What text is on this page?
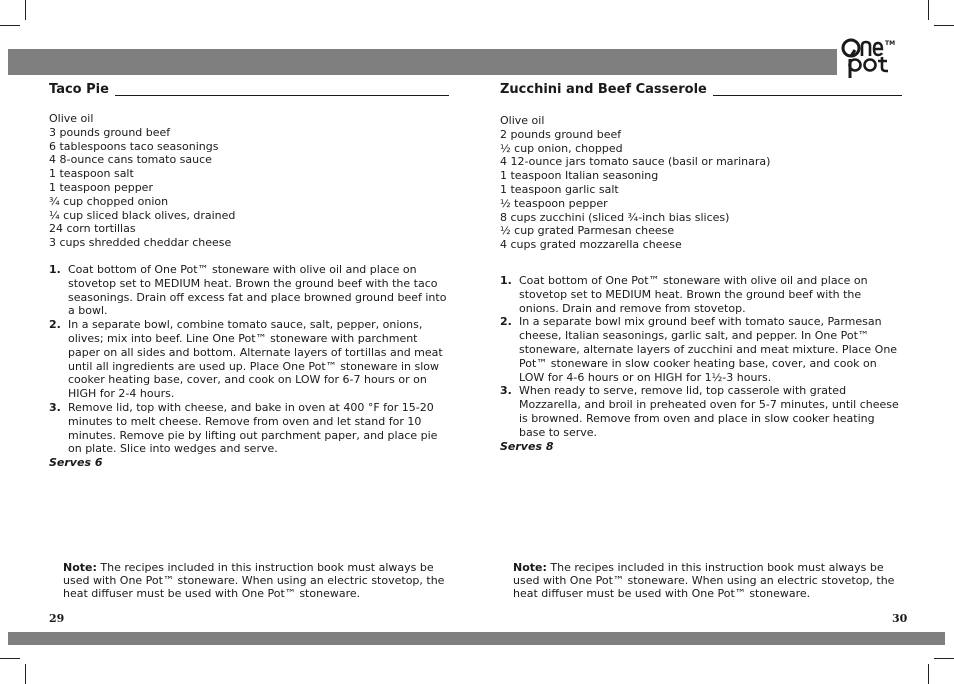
TM
Taco Pie
Olive oil
3 pounds ground beef
6 tablespoons taco seasonings
4 8-ounce cans tomato sauce
1 teaspoon salt
1 teaspoon pepper
¾ cup chopped onion
¼ cup sliced black olives, drained
24 corn tortillas
3 cups shredded cheddar cheese
1. Coat bottom of One Pot™ stoneware with olive oil and place on stovetop set to MEDIUM heat. Brown the ground beef with the taco seasonings. Drain off excess fat and place browned ground beef into a bowl.
2. In a separate bowl, combine tomato sauce, salt, pepper, onions, olives; mix into beef. Line One Pot™ stoneware with parchment paper on all sides and bottom. Alternate layers of tortillas and meat until all ingredients are used up. Place One Pot™ stoneware in slow cooker heating base, cover, and cook on LOW for 6-7 hours or on HIGH for 2-4 hours.
3. Remove lid, top with cheese, and bake in oven at 400 °F for 15-20 minutes to melt cheese. Remove from oven and let stand for 10 minutes. Remove pie by lifting out parchment paper, and place pie on plate. Slice into wedges and serve.
Serves 6
Zucchini and Beef Casserole
Olive oil
2 pounds ground beef
½ cup onion, chopped
4 12-ounce jars tomato sauce (basil or marinara)
1 teaspoon Italian seasoning
1 teaspoon garlic salt
½ teaspoon pepper
8 cups zucchini (sliced ¾-inch bias slices)
½ cup grated Parmesan cheese
4 cups grated mozzarella cheese
1. Coat bottom of One Pot™ stoneware with olive oil and place on stovetop set to MEDIUM heat. Brown the ground beef with the onions. Drain and remove from stovetop.
2. In a separate bowl mix ground beef with tomato sauce, Parmesan cheese, Italian seasonings, garlic salt, and pepper. In One Pot™ stoneware, alternate layers of zucchini and meat mixture. Place One Pot™ stoneware in slow cooker heating base, cover, and cook on LOW for 4-6 hours or on HIGH for 1½-3 hours.
3. When ready to serve, remove lid, top casserole with grated Mozzarella, and broil in preheated oven for 5-7 minutes, until cheese is browned. Remove from oven and place in slow cooker heating base to serve.
Serves 8
Note: The recipes included in this instruction book must always be used with One Pot™ stoneware. When using an electric stovetop, the heat diffuser must be used with One Pot™ stoneware.
Note: The recipes included in this instruction book must always be used with One Pot™ stoneware. When using an electric stovetop, the heat diffuser must be used with One Pot™ stoneware.
29	30
